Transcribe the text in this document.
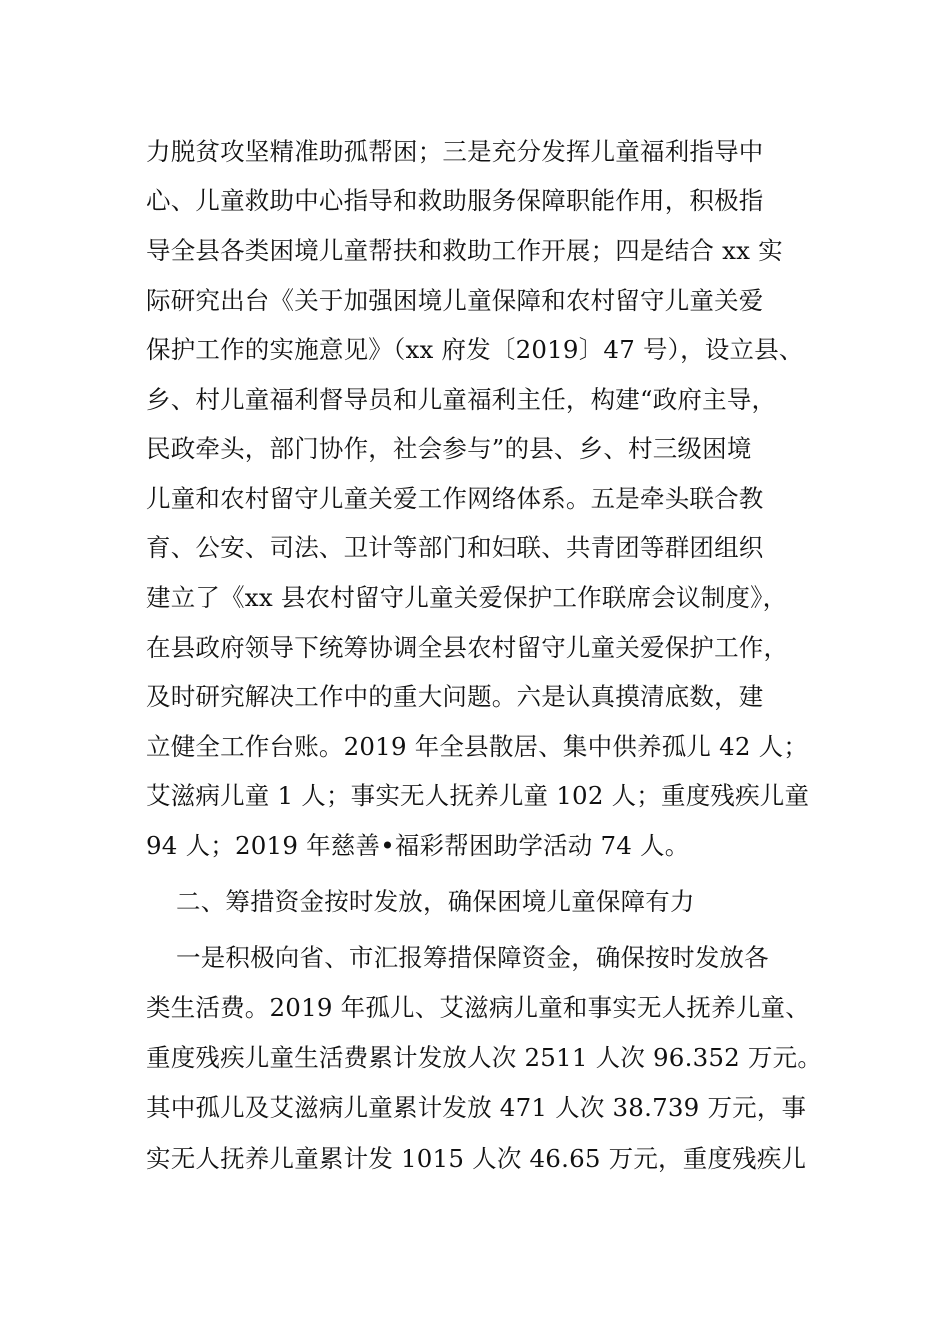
力脱贫攻坚精准助孤帮困；三是充分发挥儿童福利指导中
心、儿童救助中心指导和救助服务保障职能作用，积极指
导全县各类困境儿童帮扶和救助工作开展；四是结合 xx 实
际研究出台《关于加强困境儿童保障和农村留守儿童关爱
保护工作的实施意见》（xx 府发〔2019〕47 号），设立县、
乡、村儿童福利督导员和儿童福利主任，构建“政府主导，
民政牵头，部门协作，社会参与”的县、乡、村三级困境
儿童和农村留守儿童关爱工作网络体系。五是牵头联合教
育、公安、司法、卫计等部门和妇联、共青团等群团组织
建立了《xx 县农村留守儿童关爱保护工作联席会议制度》，
在县政府领导下统筹协调全县农村留守儿童关爱保护工作，
及时研究解决工作中的重大问题。六是认真摸清底数，建
立健全工作台账。2019 年全县散居、集中供养孤儿 42 人；
艾滋病儿童 1 人；事实无人抚养儿童 102 人；重度残疾儿童
94 人；2019 年慈善•福彩帮困助学活动 74 人。
二、筹措资金按时发放，确保困境儿童保障有力
一是积极向省、市汇报筹措保障资金，确保按时发放各
类生活费。2019 年孤儿、艾滋病儿童和事实无人抚养儿童、
重度残疾儿童生活费累计发放人次 2511 人次 96.352 万元。
其中孤儿及艾滋病儿童累计发放 471 人次 38.739 万元，事
实无人抚养儿童累计发 1015 人次 46.65 万元，重度残疾儿
